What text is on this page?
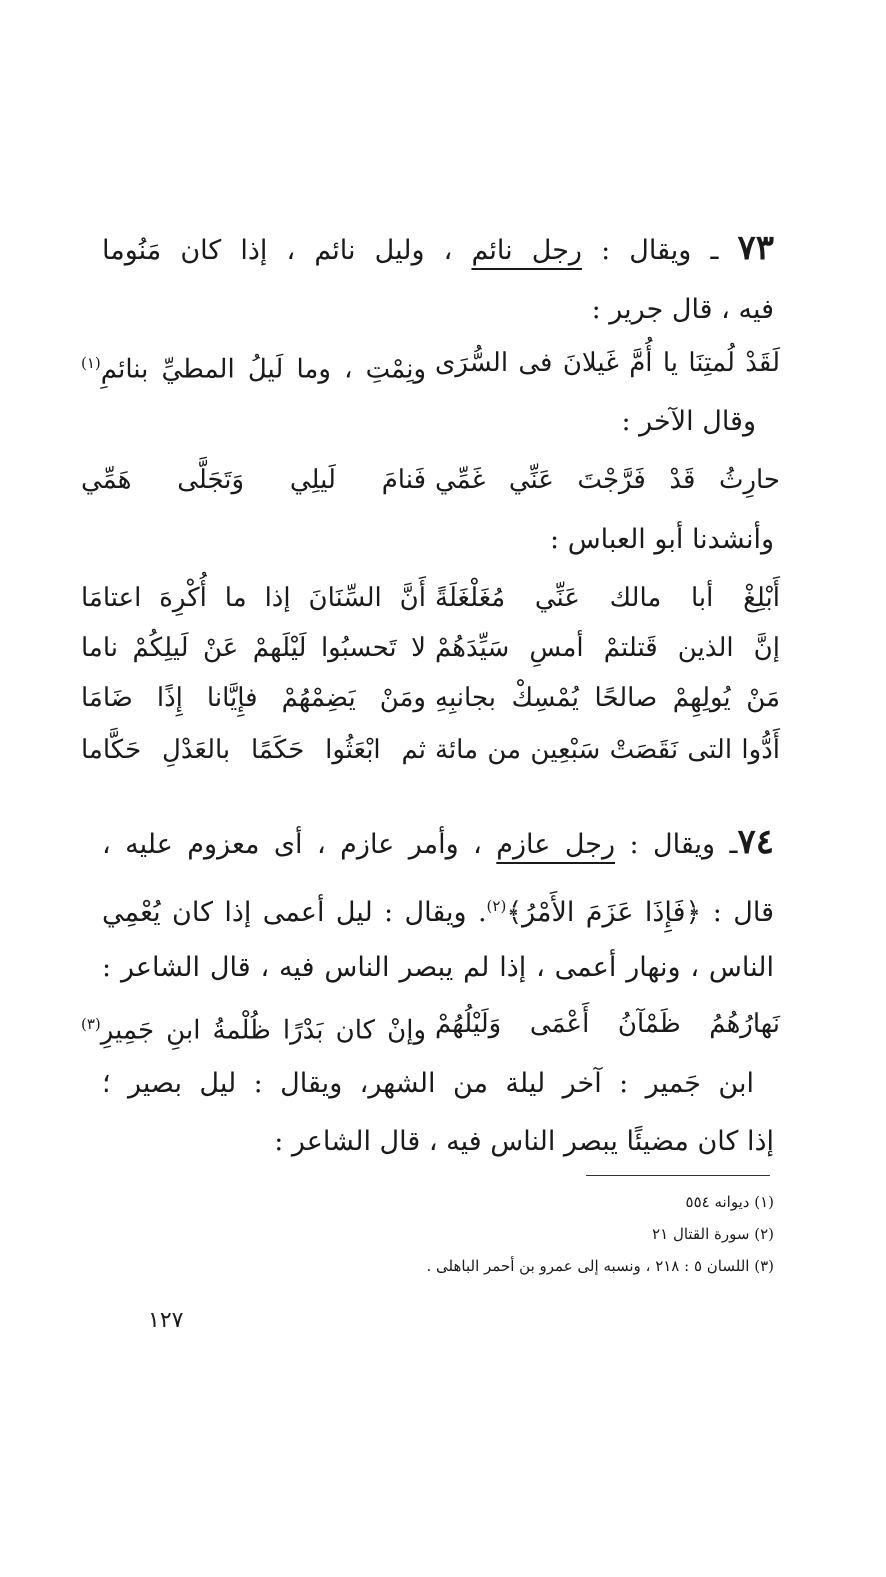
٧٣ ـ ويقال : رجل نائم ، وليل نائم ، إذا كان مَنُوما
فيه ، قال جرير :
لَقَدْ لُمتِنَا يا أُمَّ غَيلانَ فى السُّرَى
ونِمْتِ ، وما لَيلُ المطيِّ بنائمِ$^{(١)}$
وقال الآخر :
حارِثُ قَدْ فَرَّجْتَ عَنِّي غَمِّي
فَنامَ لَيلِي وَتَجَلَّى هَمِّي
وأنشدنا أبو العباس :
أَبْلِغْ أبا مالك عَنِّي مُغَلْغَلَةً
أَنَّ السِّنَانَ إذا ما أُكْرِهَ اعتامَا
إنَّ الذين قَتلتمْ أمسِ سَيِّدَهُمْ
لا تَحسبُوا لَيْلَهمْ عَنْ لَيلِكُمْ ناما
مَنْ يُولِهِمْ صالحًا يُمْسِكْ بجانبِهِ
ومَنْ يَضِمْهُمْ فإِيَّانا إِذًا ضَامَا
أَدُّوا التى نَقَصَتْ سَبْعِين من مائة
ثم ابْعَثُوا حَكَمًا بالعَدْلِ حَكَّاما
٧٤ـ ويقال : رجل عازم ، وأمر عازم ، أى معزوم عليه ،
قال : ﴿فَإِذَا عَزَمَ الأَمْرُ﴾$^{(٢)}$. ويقال : ليل أعمى إذا كان يُعْمِي
الناس ، ونهار أعمى ، إذا لم يبصر الناس فيه ، قال الشاعر :
نَهارُهُمُ ظَمْآنُ أَعْمَى وَلَيْلُهُمْ
وإنْ كان بَدْرًا ظُلْمةُ ابنِ جَمِيرِ$^{(٣)}$
ابن جَمير : آخر ليلة من الشهر، ويقال : ليل بصير ؛
إذا كان مضيئًا يبصر الناس فيه ، قال الشاعر :
(١) ديوانه ٥٥٤
(٢) سورة القتال ٢١
(٣) اللسان ٥ : ٢١٨ ، ونسبه إلى عمرو بن أحمر الباهلى .
١٢٧
